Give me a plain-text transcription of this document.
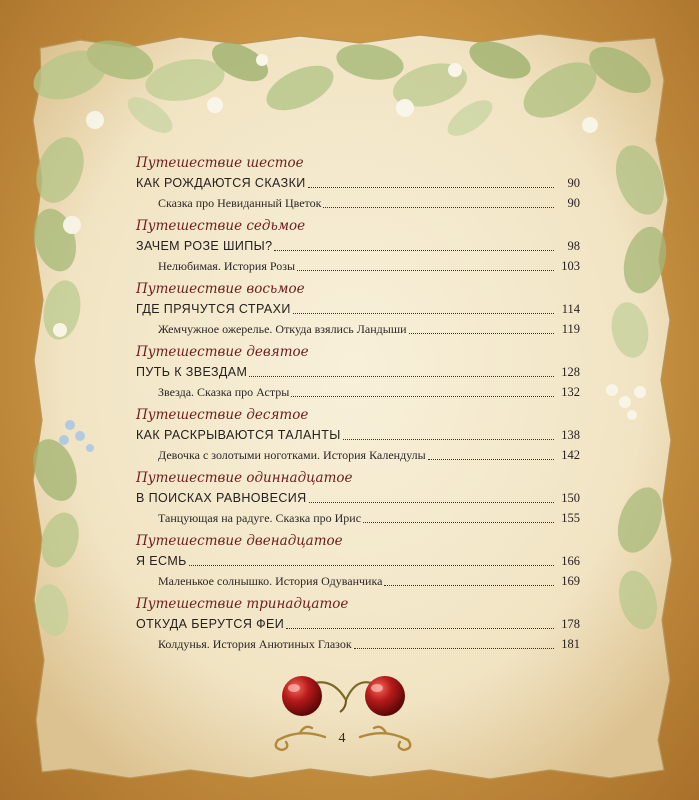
Путешествие шестое
КАК РОЖДАЮТСЯ СКАЗКИ	90
Сказка про Невиданный Цветок	90
Путешествие седьмое
ЗАЧЕМ РОЗЕ ШИПЫ?	98
Нелюбимая. История Розы	103
Путешествие восьмое
ГДЕ ПРЯЧУТСЯ СТРАХИ	114
Жемчужное ожерелье. Откуда взялись Ландыши	119
Путешествие девятое
ПУТЬ К ЗВЕЗДАМ	128
Звезда. Сказка про Астры	132
Путешествие десятое
КАК РАСКРЫВАЮТСЯ ТАЛАНТЫ	138
Девочка с золотыми ноготками. История Календулы	142
Путешествие одиннадцатое
В ПОИСКАХ РАВНОВЕСИЯ	150
Танцующая на радуге. Сказка про Ирис	155
Путешествие двенадцатое
Я ЕСМЬ	166
Маленькое солнышко. История Одуванчика	169
Путешествие тринадцатое
ОТКУДА БЕРУТСЯ ФЕИ	178
Колдунья. История Анютиных Глазок	181
4
